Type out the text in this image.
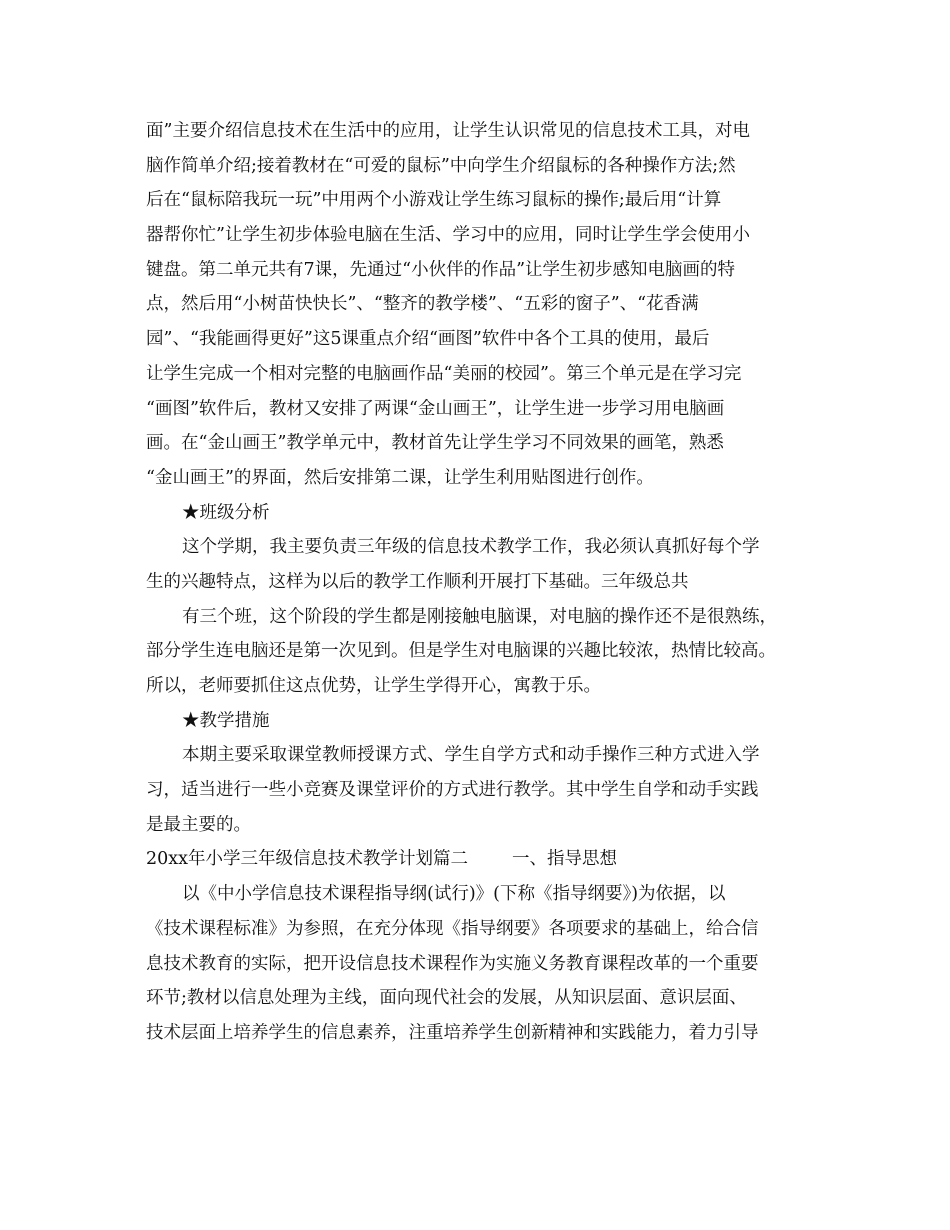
面”主要介绍信息技术在生活中的应用，让学生认识常见的信息技术工具，对电
脑作简单介绍;接着教材在“可爱的鼠标”中向学生介绍鼠标的各种操作方法;然
后在“鼠标陪我玩一玩”中用两个小游戏让学生练习鼠标的操作;最后用“计算
器帮你忙”让学生初步体验电脑在生活、学习中的应用，同时让学生学会使用小
键盘。第二单元共有7课，先通过“小伙伴的作品”让学生初步感知电脑画的特
点，然后用“小树苗快快长”、“整齐的教学楼”、“五彩的窗子”、“花香满
园”、“我能画得更好”这5课重点介绍“画图”软件中各个工具的使用，最后
让学生完成一个相对完整的电脑画作品“美丽的校园”。第三个单元是在学习完
“画图”软件后，教材又安排了两课“金山画王”，让学生进一步学习用电脑画
画。在“金山画王”教学单元中，教材首先让学生学习不同效果的画笔，熟悉
“金山画王”的界面，然后安排第二课，让学生利用贴图进行创作。
★班级分析
这个学期，我主要负责三年级的信息技术教学工作，我必须认真抓好每个学
生的兴趣特点，这样为以后的教学工作顺利开展打下基础。三年级总共
有三个班，这个阶段的学生都是刚接触电脑课，对电脑的操作还不是很熟练，
部分学生连电脑还是第一次见到。但是学生对电脑课的兴趣比较浓，热情比较高。
所以，老师要抓住这点优势，让学生学得开心，寓教于乐。
★教学措施
本期主要采取课堂教师授课方式、学生自学方式和动手操作三种方式进入学
习，适当进行一些小竞赛及课堂评价的方式进行教学。其中学生自学和动手实践
是最主要的。
20xx年小学三年级信息技术教学计划篇二	一、指导思想
以《中小学信息技术课程指导纲(试行)》(下称《指导纲要》)为依据，以
《技术课程标准》为参照，在充分体现《指导纲要》各项要求的基础上，给合信
息技术教育的实际，把开设信息技术课程作为实施义务教育课程改革的一个重要
环节;教材以信息处理为主线，面向现代社会的发展，从知识层面、意识层面、
技术层面上培养学生的信息素养，注重培养学生创新精神和实践能力，着力引导
